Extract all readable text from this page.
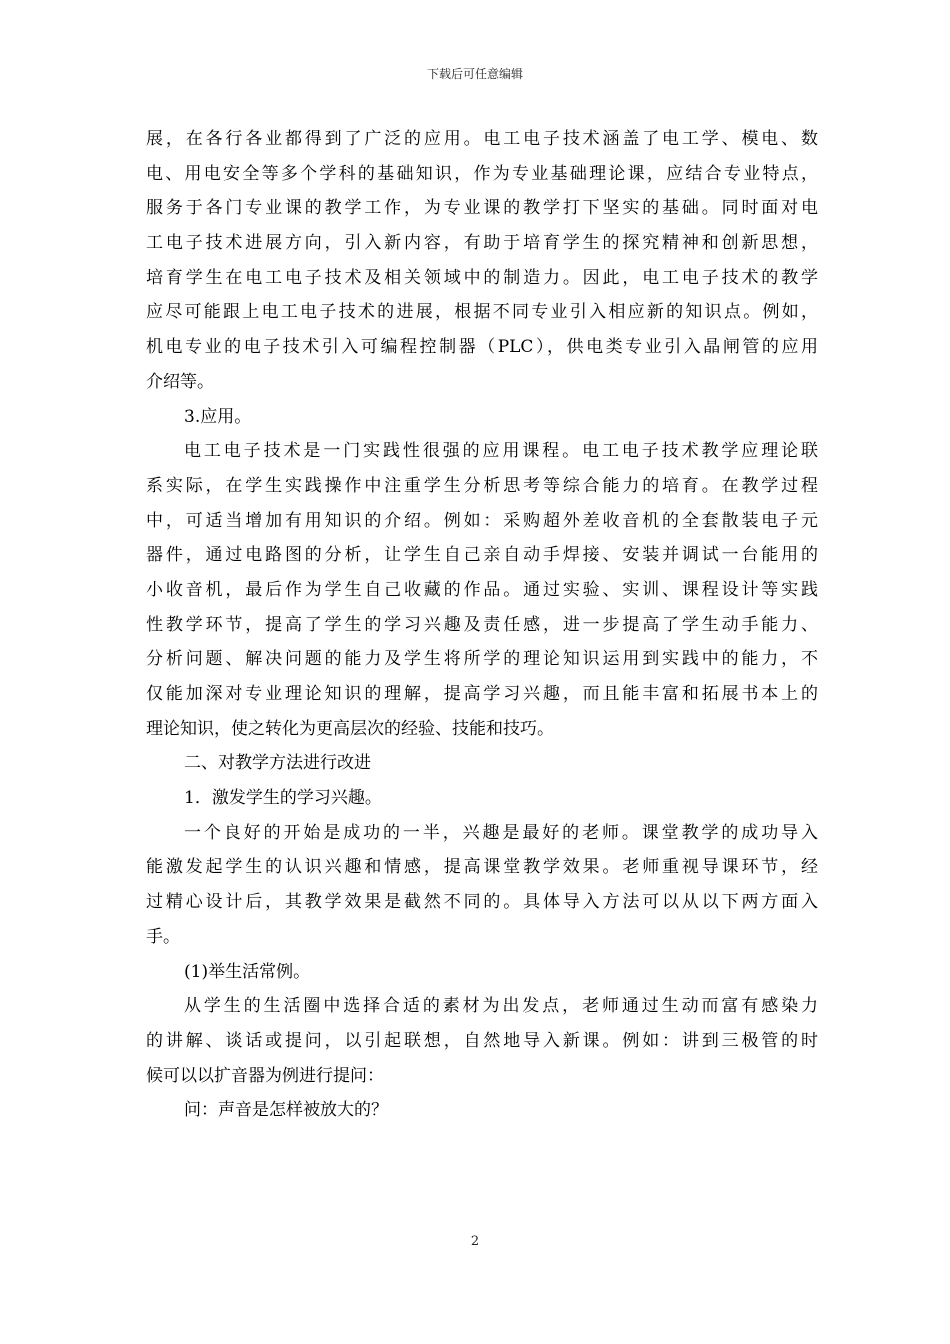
下载后可任意编辑
展，在各行各业都得到了广泛的应用。电工电子技术涵盖了电工学、模电、数
电、用电安全等多个学科的基础知识，作为专业基础理论课，应结合专业特点，
服务于各门专业课的教学工作，为专业课的教学打下坚实的基础。同时面对电
工电子技术进展方向，引入新内容，有助于培育学生的探究精神和创新思想，
培育学生在电工电子技术及相关领域中的制造力。因此，电工电子技术的教学
应尽可能跟上电工电子技术的进展，根据不同专业引入相应新的知识点。例如，
机电专业的电子技术引入可编程控制器（PLC），供电类专业引入晶闸管的应用
介绍等。
3.应用。
电工电子技术是一门实践性很强的应用课程。电工电子技术教学应理论联
系实际，在学生实践操作中注重学生分析思考等综合能力的培育。在教学过程
中，可适当增加有用知识的介绍。例如：采购超外差收音机的全套散装电子元
器件，通过电路图的分析，让学生自己亲自动手焊接、安装并调试一台能用的
小收音机，最后作为学生自己收藏的作品。通过实验、实训、课程设计等实践
性教学环节，提高了学生的学习兴趣及责任感，进一步提高了学生动手能力、
分析问题、解决问题的能力及学生将所学的理论知识运用到实践中的能力，不
仅能加深对专业理论知识的理解，提高学习兴趣，而且能丰富和拓展书本上的
理论知识，使之转化为更高层次的经验、技能和技巧。
二、对教学方法进行改进
1．激发学生的学习兴趣。
一个良好的开始是成功的一半，兴趣是最好的老师。课堂教学的成功导入
能激发起学生的认识兴趣和情感，提高课堂教学效果。老师重视导课环节，经
过精心设计后，其教学效果是截然不同的。具体导入方法可以从以下两方面入
手。
(1)举生活常例。
从学生的生活圈中选择合适的素材为出发点，老师通过生动而富有感染力
的讲解、谈话或提问，以引起联想，自然地导入新课。例如：讲到三极管的时
候可以以扩音器为例进行提问：
问：声音是怎样被放大的？
2
